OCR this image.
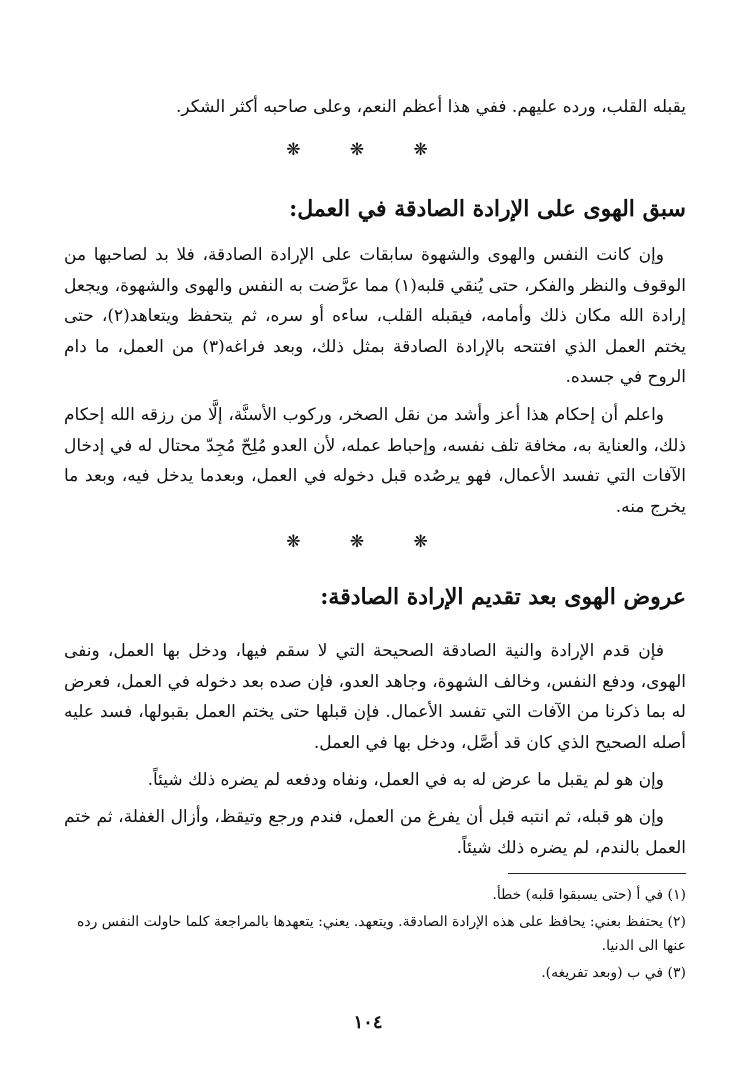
يقبله القلب، ورده عليهم. ففي هذا أعظم النعم، وعلى صاحبه أكثر الشكر.

❋ ❋ ❋
سبق الهوى على الإرادة الصادقة في العمل:

وإن كانت النفس والهوى والشهوة سابقات على الإرادة الصادقة، فلا بد لصاحبها من الوقوف والنظر والفكر، حتى يُنقي قلبه(١) مما عرَّضت به النفس والهوى والشهوة، ويجعل إرادة الله مكان ذلك وأمامه، فيقبله القلب، ساءه أو سره، ثم يتحفظ ويتعاهد(٢)، حتى يختم العمل الذي افتتحه بالإرادة الصادقة بمثل ذلك، وبعد فراغه(٣) من العمل، ما دام الروح في جسده.

واعلم أن إحكام هذا أعز وأشد من نقل الصخر، وركوب الأسنَّة، إلَّا من رزقه الله إحكام ذلك، والعناية به، مخافة تلف نفسه، وإحباط عمله، لأن العدو مُلِحّ مُجِدّ محتال له في إدخال الآفات التي تفسد الأعمال، فهو يرصُده قبل دخوله في العمل، وبعدما يدخل فيه، وبعد ما يخرج منه.

❋ ❋ ❋
عروض الهوى بعد تقديم الإرادة الصادقة:

فإن قدم الإرادة والنية الصادقة الصحيحة التي لا سقم فيها، ودخل بها العمل، ونفى الهوى، ودفع النفس، وخالف الشهوة، وجاهد العدو، فإن صده بعد دخوله في العمل، فعرض له بما ذكرنا من الآفات التي تفسد الأعمال. فإن قبلها حتى يختم العمل بقبولها، فسد عليه أصله الصحيح الذي كان قد أصَّل، ودخل بها في العمل.

وإن هو لم يقبل ما عرض له به في العمل، ونفاه ودفعه لم يضره ذلك شيئاً.

وإن هو قبله، ثم انتبه قبل أن يفرغ من العمل، فندم ورجع وتيقظ، وأزال الغفلة، ثم ختم العمل بالندم، لم يضره ذلك شيئاً.

(١) في أ (حتى يسبقوا قلبه) خطأ.

(٢) يحتفظ بعني: يحافظ على هذه الإرادة الصادقة. ويتعهد. يعني: يتعهدها بالمراجعة كلما حاولت النفس رده عنها الى الدنيا.

(٣) في ب (وبعد تفريغه).

١٠٤
